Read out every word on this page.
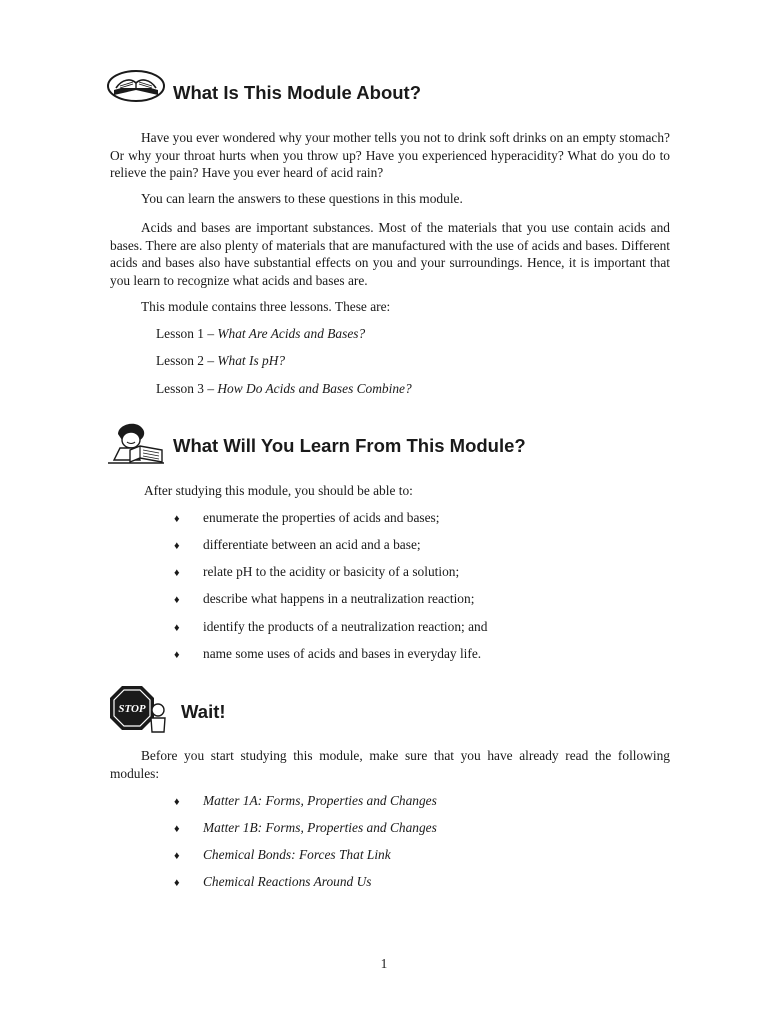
What Is This Module About?

Have you ever wondered why your mother tells you not to drink soft drinks on an empty stomach? Or why your throat hurts when you throw up? Have you experienced hyperacidity? What do you do to relieve the pain? Have you ever heard of acid rain?

You can learn the answers to these questions in this module.

Acids and bases are important substances. Most of the materials that you use contain acids and bases. There are also plenty of materials that are manufactured with the use of acids and bases. Different acids and bases also have substantial effects on you and your surroundings. Hence, it is important that you learn to recognize what acids and bases are.

This module contains three lessons. These are:

Lesson 1 – What Are Acids and Bases?
Lesson 2 – What Is pH?
Lesson 3 – How Do Acids and Bases Combine?
What Will You Learn From This Module?
After studying this module, you should be able to:
♦ enumerate the properties of acids and bases;
♦ differentiate between an acid and a base;
♦ relate pH to the acidity or basicity of a solution;
♦ describe what happens in a neutralization reaction;
♦ identify the products of a neutralization reaction; and
♦ name some uses of acids and bases in everyday life.
STOP Wait!

Before you start studying this module, make sure that you have already read the following modules:

♦ Matter 1A: Forms, Properties and Changes
♦ Matter 1B: Forms, Properties and Changes
♦ Chemical Bonds: Forces That Link
♦ Chemical Reactions Around Us
1
